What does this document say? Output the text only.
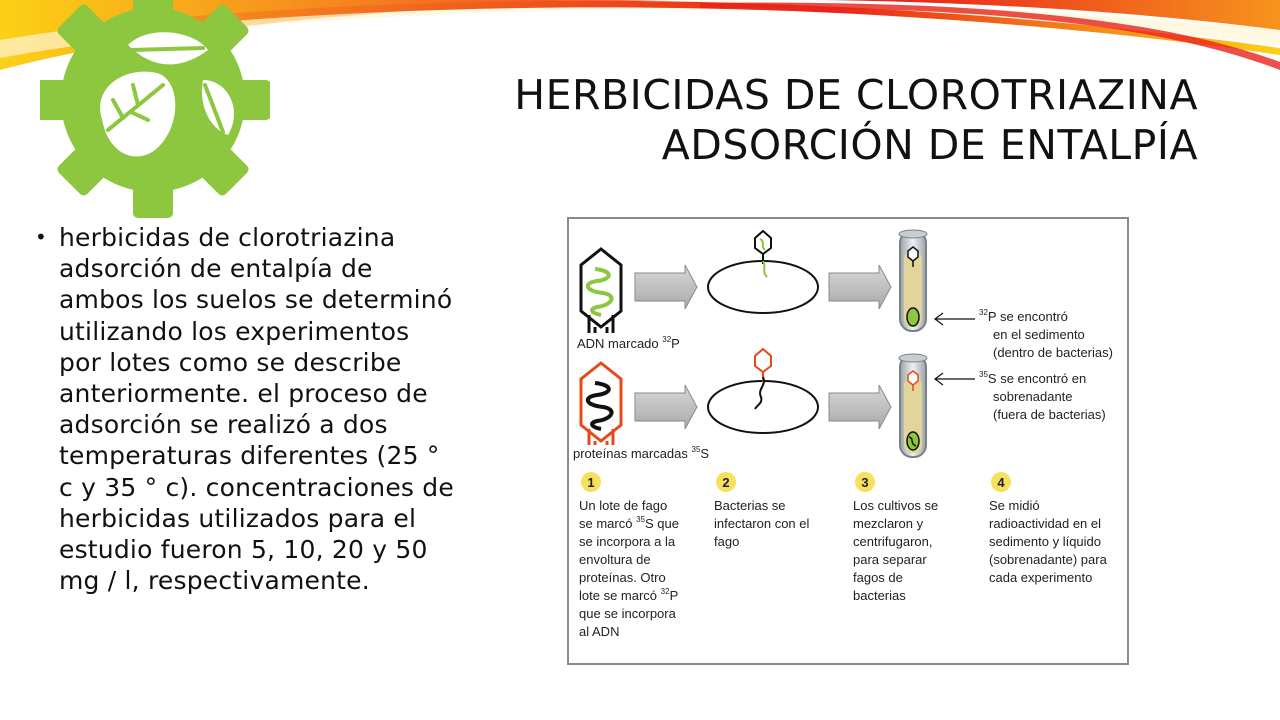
HERBICIDAS DE CLOROTRIAZINA
ADSORCIÓN DE ENTALPÍA
• herbicidas de clorotriazina adsorción de entalpía de ambos los suelos se determinó utilizando los experimentos por lotes como se describe anteriormente. el proceso de adsorción se realizó a dos temperaturas diferentes (25 ° c y 35 ° c). concentraciones de herbicidas utilizados para el estudio fueron 5, 10, 20 y 50 mg / l, respectivamente.
ADN marcado $^{32}$P
$^{32}$P se encontró
en el sedimento
(dentro de bacterias)
proteínas marcadas $^{35}$S
$^{35}$S se encontró en
sobrenadante
(fuera de bacterias)
1
Un lote de fago
se marcó $^{35}$S que
se incorpora a la
envoltura de
proteínas. Otro
lote se marcó $^{32}$P
que se incorpora
al ADN
2
Bacterias se
infectaron con el
fago
3
Los cultivos se
mezclaron y
centrifugaron,
para separar
fagos de
bacterias
4
Se midió
radioactividad en el
sedimento y líquido
(sobrenadante) para
cada experimento
